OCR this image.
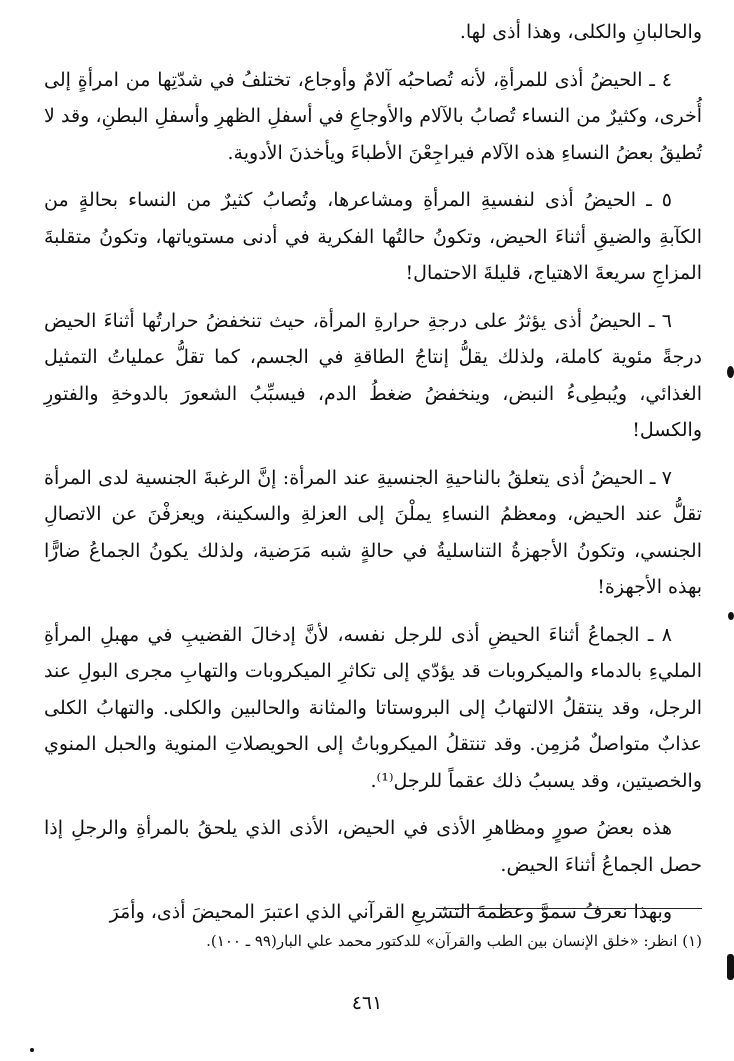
والحالبانِ والكلى، وهذا أذى لها.

٤ ـ الحيضُ أذى للمرأةِ، لأنه تُصاحبُه آلامٌ وأوجاع، تختلفُ في شدّتِها من امرأةٍ إلى أُخرى، وكثيرٌ من النساء تُصابُ بالآلام والأوجاعِ في أسفلِ الظهرِ وأسفلِ البطنِ، وقد لا تُطيقُ بعضُ النساءِ هذه الآلام فيراجِعْنَ الأطباءَ ويأخذنَ الأدوية.

٥ ـ الحيضُ أذى لنفسيةِ المرأةِ ومشاعرها، وتُصابُ كثيرٌ من النساء بحالةٍ من الكآبةِ والضيقِ أثناءَ الحيض، وتكونُ حالتُها الفكرية في أدنى مستوياتها، وتكونُ متقلبةَ المزاجِ سريعةَ الاهتياج، قليلةَ الاحتمال!

٦ ـ الحيضُ أذى يؤثرُ على درجةِ حرارةِ المرأة، حيث تنخفضُ حرارتُها أثناءَ الحيض درجةً مئوية كاملة، ولذلك يقلُّ إنتاجُ الطاقةِ في الجسم، كما تقلُّ عملياتُ التمثيل الغذائي، ويُبطِىءُ النبض، وينخفضُ ضغطُ الدم، فيسبِّبُ الشعورَ بالدوخةِ والفتورِ والكسل!

٧ ـ الحيضُ أذى يتعلقُ بالناحيةِ الجنسيةِ عند المرأة: إنَّ الرغبةَ الجنسية لدى المرأة تقلُّ عند الحيض، ومعظمُ النساءِ يملْنَ إلى العزلةِ والسكينة، ويعزفْنَ عن الاتصالِ الجنسي، وتكونُ الأجهزةُ التناسليةُ في حالةٍ شبه مَرَضية، ولذلك يكونُ الجماعُ ضارًّا بهذه الأجهزة!

٨ ـ الجماعُ أثناءَ الحيضِ أذى للرجل نفسه، لأنَّ إدخالَ القضيبِ في مهبلِ المرأةِ المليءِ بالدماء والميكروبات قد يؤدّي إلى تكاثرِ الميكروبات والتهابِ مجرى البولِ عند الرجل، وقد ينتقلُ الالتهابُ إلى البروستاتا والمثانة والحالبين والكلى. والتهابُ الكلى عذابٌ متواصلٌ مُزمِن. وقد تنتقلُ الميكروباتُ إلى الحويصلاتِ المنوية والحبل المنوي والخصيتين، وقد يسببُ ذلك عقماً للرجل⁽¹⁾.

هذه بعضُ صورٍ ومظاهرِ الأذى في الحيض، الأذى الذي يلحقُ بالمرأةِ والرجلِ إذا حصل الجماعُ أثناءَ الحيض.

وبهذا نعرفُ سموَّ وعظمةَ التشريعِ القرآني الذي اعتبرَ المحيضَ أذى، وأمَرَ

(١) انظر: «خلق الإنسان بين الطب والقرآن» للدكتور محمد علي البار(٩٩ ـ ١٠٠).

٤٦١
